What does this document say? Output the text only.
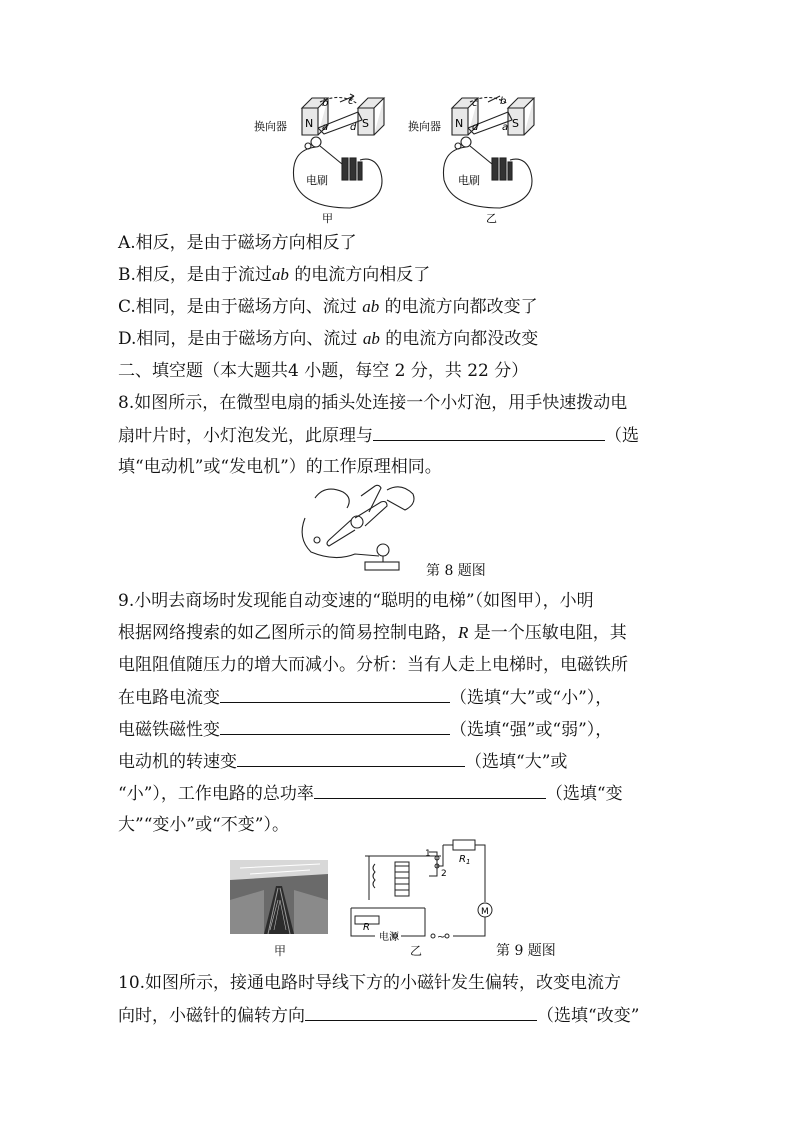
N	S	N	S
换向器	换向器
电刷	电刷
b c
a d
c b
d a
甲	乙
A.相反，是由于磁场方向相反了
B.相反，是由于流过ab 的电流方向相反了
C.相同，是由于磁场方向、流过 ab 的电流方向都改变了
D.相同，是由于磁场方向、流过 ab 的电流方向都没改变
二、填空题（本大题共4 小题，每空 2 分，共 22 分）
8.如图所示，在微型电扇的插头处连接一个小灯泡，用手快速拨动电
扇叶片时，小灯泡发光，此原理与	（选
填“电动机”或“发电机”）的工作原理相同。
第 8 题图
9.小明去商场时发现能自动变速的“聪明的电梯”（如图甲），小明
根据网络搜索的如乙图所示的简易控制电路，R 是一个压敏电阻，其
电阻阻值随压力的增大而减小。分析：当有人走上电梯时，电磁铁所
在电路电流变	（选填“大”或“小”），
电磁铁磁性变	（选填“强”或“弱”），
电动机的转速变	（选填“大”或
“小”），工作电路的总功率	（选填“变
大”“变小”或“不变”）。
甲
$R_1$
1
2
M
R
电源	~
乙	第 9 题图
10.如图所示，接通电路时导线下方的小磁针发生偏转，改变电流方
向时，小磁针的偏转方向	（选填“改变”
